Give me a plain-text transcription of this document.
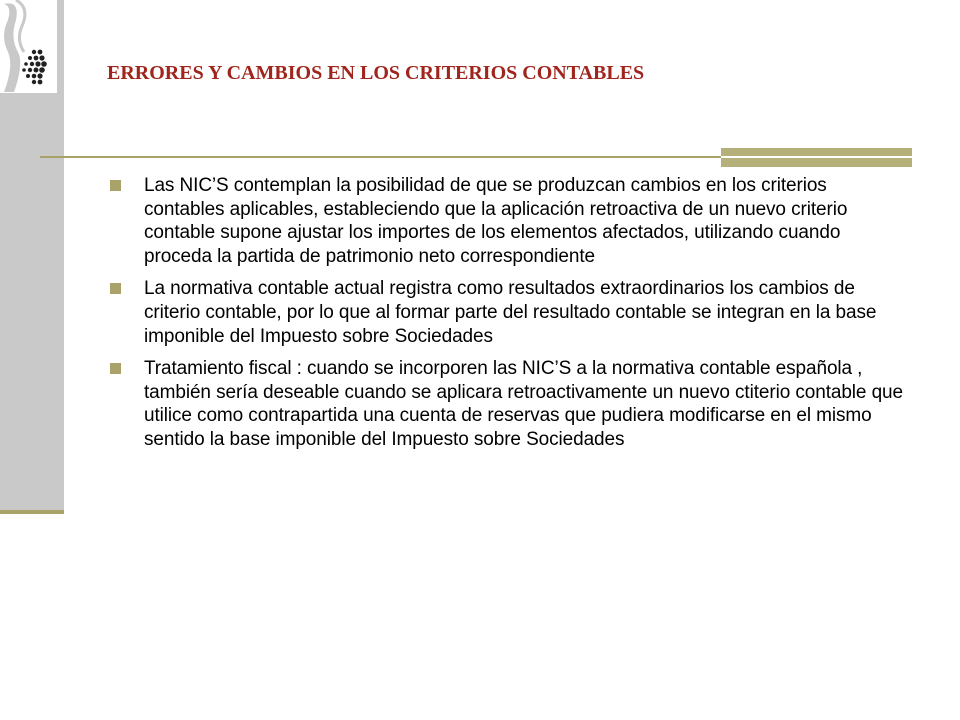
ERRORES Y CAMBIOS EN LOS CRITERIOS CONTABLES
Las NIC’S contemplan la posibilidad de que se produzcan cambios en los criterios contables aplicables, estableciendo que la aplicación retroactiva de un nuevo criterio contable supone ajustar los importes de los elementos afectados, utilizando cuando proceda la partida de patrimonio neto correspondiente
La normativa contable actual registra como resultados extraordinarios los cambios de criterio contable, por lo que al formar parte del resultado contable se integran en la base imponible del Impuesto sobre Sociedades
Tratamiento fiscal : cuando se incorporen las NIC’S a la normativa contable española , también sería deseable cuando se aplicara retroactivamente un nuevo ctiterio contable que utilice como contrapartida una cuenta de reservas que pudiera modificarse en el mismo sentido la base imponible del Impuesto sobre Sociedades
